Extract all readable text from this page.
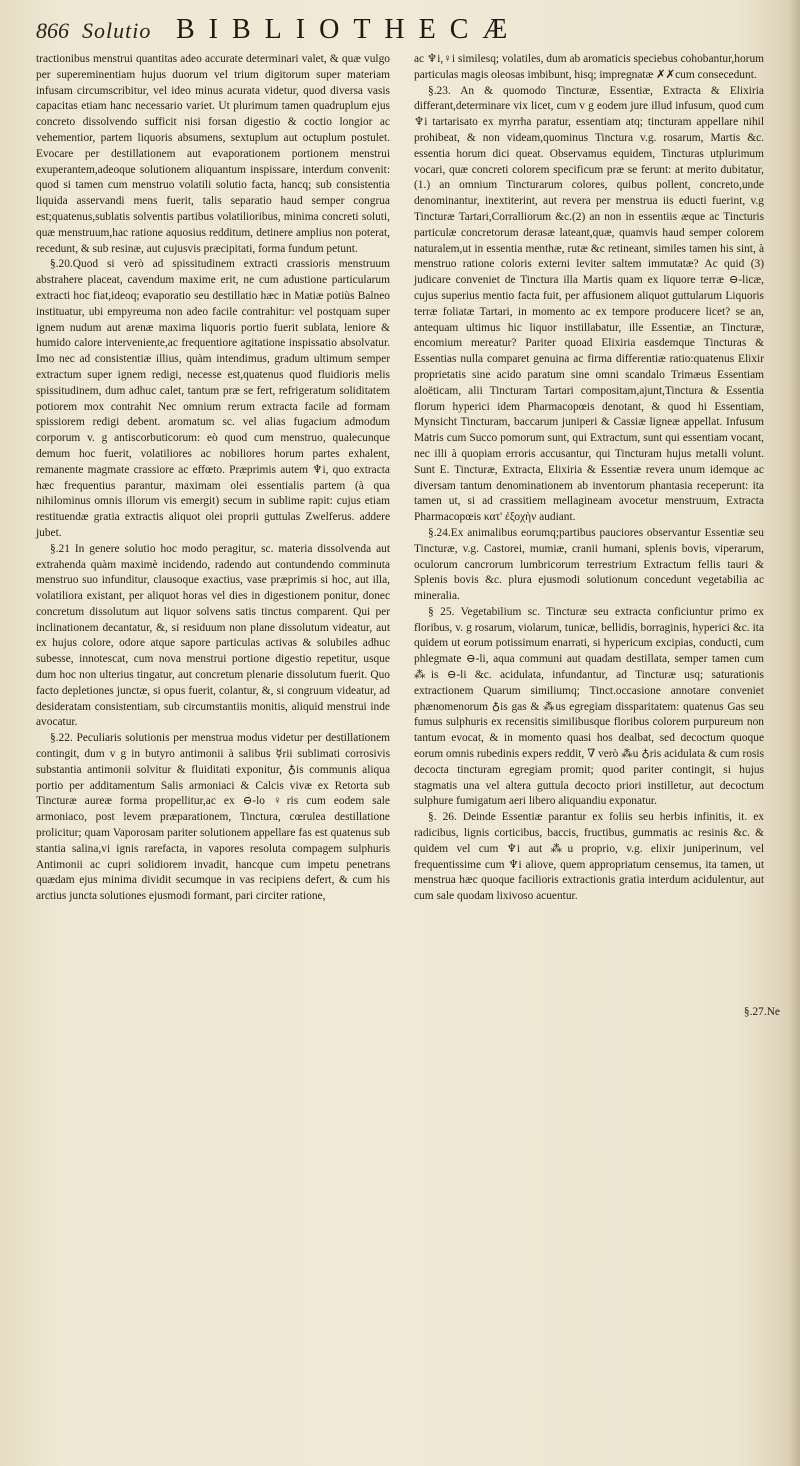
866 Solutio BIBLIOTHECÆ

tractionibus menstrui quantitas adeo accurate determinari valet, & quæ vulgo per supereminentiam hujus duorum vel trium digitorum super materiam infusam circumscribitur, vel ideo minus acurata videtur, quod diversa vasis capacitas etiam hanc necessario variet. Ut plurimum tamen quadruplum ejus concreto dissolvendo sufficit nisi forsan digestio & coctio longior ac vehementior, partem liquoris absumens, sextuplum aut octuplum postulet. Evocare per destillationem aut evaporationem portionem menstrui exuperantem,adeoque solutionem aliquantum inspissare, interdum convenit: quod si tamen cum menstruo volatili solutio facta, hancq; sub consistentia liquida asservandi mens fuerit, talis separatio haud semper congrua est;quatenus,sublatis solventis partibus volatilioribus, minima concreti soluti, quæ menstruum,hac ratione aquosius redditum, detinere amplius non poterat, recedunt, & sub resinæ, aut cujusvis præcipitati, forma fundum petunt.

§.20.Quod si verò ad spissitudinem extracti crassioris menstruum abstrahere placeat, cavendum maxime erit, ne cum adustione particularum extracti hoc fiat,ideoq; evaporatio seu destillatio hæc in Matiæ potiùs Balneo instituatur, ubi empyreuma non adeo facile contrahitur: vel postquam super ignem nudum aut arenæ maxima liquoris portio fuerit sublata, leniore & humido calore interveniente,ac frequentiore agitatione inspissatio absolvatur. Imo nec ad consistentiæ illius, quàm intendimus, gradum ultimum semper extractum super ignem redigi, necesse est,quatenus quod fluidioris melis spissitudinem, dum adhuc calet, tantum præ se fert, refrigeratum soliditatem potiorem mox contrahit Nec omnium rerum extracta facile ad formam spissiorem redigi debent. aromatum sc. vel alias fugacium admodum corporum v. g antiscorbuticorum: eò quod cum menstruo, qualecunque demum hoc fuerit, volatiliores ac nobiliores horum partes exhalent, remanente magmate crassiore ac effœto. Præprimis autem ♆i, quo extracta hæc frequentius parantur, maximam olei essentialis partem (à qua nihilominus omnis illorum vis emergit) secum in sublime rapit: cujus etiam restituendæ gratia extractis aliquot olei proprii guttulas Zwelferus. addere jubet.

§.21 In genere solutio hoc modo peragitur, sc. materia dissolvenda aut extrahenda quàm maximè incidendo, radendo aut contundendo comminuta menstruo suo infunditur, clausoque exactius, vase præprimis si hoc, aut illa, volatiliora existant, per aliquot horas vel dies in digestionem ponitur, donec concretum dissolutum aut liquor solvens satis tinctus comparent. Qui per inclinationem decantatur, &, si residuum non plane dissolutum videatur, aut ex hujus colore, odore atque sapore particulas activas & solubiles adhuc subesse, innotescat, cum nova menstrui portione digestio repetitur, usque dum hoc non ulterius tingatur, aut concretum plenarie dissolutum fuerit. Quo facto depletiones junctæ, si opus fuerit, colantur, &, si congruum videatur, ad desideratam consistentiam, sub circumstantiis monitis, aliquid menstrui inde avocatur.

§.22. Peculiaris solutionis per menstrua modus videtur per destillationem contingit, dum v g in butyro antimonii à salibus ☿rii sublimati corrosivis substantia antimonii solvitur & fluiditati exponitur, ♁is communis aliqua portio per additamentum Salis armoniaci & Calcis vivæ ex Retorta sub Tincturæ aureæ forma propellitur,ac ex ⊖-lo ♀ris cum eodem sale armoniaco, post levem præparationem, Tinctura, cœrulea destillatione prolicitur; quam Vaporosam pariter solutionem appellare fas est quatenus sub stantia salina,vi ignis rarefacta, in vapores resoluta compagem sulphuris Antimonii ac cupri solidiorem invadit, hancque cum impetu penetrans quædam ejus minima dividit secumque in vas recipiens defert, & cum his arctius juncta solutiones ejusmodi formant, pari circiter ratione,

ac ♆i,♀i similesq; volatiles, dum ab aromaticis speciebus cohobantur,horum particulas magis oleosas imbibunt, hisq; impregnatæ ✗✗cum consecedunt.

§.23. An & quomodo Tincturæ, Essentiæ, Extracta & Elixiria differant,determinare vix licet, cum v g eodem jure illud infusum, quod cum ♆i tartarisato ex myrrha paratur, essentiam atq; tincturam appellare nihil prohibeat, & non videam,quominus Tinctura v.g. rosarum, Martis &c. essentia horum dici queat. Observamus equidem, Tincturas utplurimum vocari, quæ concreti colorem specificum præ se ferunt: at merito dubitatur, (1.) an omnium Tincturarum colores, quibus pollent, concreto,unde denominantur, inextiterint, aut revera per menstrua iis educti fuerint, v.g Tincturæ Tartari,Corralliorum &c.(2) an non in essentiis æque ac Tincturis particulæ concretorum derasæ lateant,quæ, quamvis haud semper colorem naturalem,ut in essentia menthæ, rutæ &c retineant, similes tamen his sint, à menstruo ratione coloris externi leviter saltem immutatæ? Ac quid (3) judicare conveniet de Tinctura illa Martis quam ex liquore terræ ⊖-licæ, cujus superius mentio facta fuit, per affusionem aliquot guttularum Liquoris terræ foliatæ Tartari, in momento ac ex tempore producere licet? se an, antequam ultimus hic liquor instillabatur, ille Essentiæ, an Tincturæ, encomium mereatur? Pariter quoad Elixiria easdemque Tincturas & Essentias nulla comparet genuina ac firma differentiæ ratio:quatenus Elixir proprietatis sine acido paratum sine omni scandalo Trimæus Essentiam aloëticam, alii Tincturam Tartari compositam,ajunt,Tinctura & Essentia florum hyperici idem Pharmacopœis denotant, & quod hi Essentiam, Mynsicht Tincturam, baccarum juniperi & Cassiæ ligneæ appellat. Infusum Matris cum Succo pomorum sunt, qui Extractum, sunt qui essentiam vocant, nec illi à quopiam erroris accusantur, qui Tincturam hujus metalli volunt. Sunt E. Tincturæ, Extracta, Elixiria & Essentiæ revera unum idemque ac diversam tantum denominationem ab inventorum phantasia receperunt: ita tamen ut, si ad crassitiem mellagineam avocetur menstruum, Extracta Pharmacopœis κατ' ἐξοχὴν audiant.

§.24.Ex animalibus eorumq;partibus pauciores observantur Essentiæ seu Tincturæ, v.g. Castorei, mumiæ, cranii humani, splenis bovis, viperarum, oculorum cancrorum lumbricorum terrestrium Extractum fellis tauri & Splenis bovis &c. plura ejusmodi solutionum concedunt vegetabilia ac mineralia.

§ 25. Vegetabilium sc. Tincturæ seu extracta conficiuntur primo ex floribus, v. g rosarum, violarum, tunicæ, bellidis, borraginis, hyperici &c. ita quidem ut eorum potissimum enarrati, si hypericum excipias, conducti, cum phlegmate ⊖-li, aqua communi aut quadam destillata, semper tamen cum ⁂is ⊖-li &c. acidulata, infundantur, ad Tincturæ usq; saturationis extractionem Quarum similiumq; Tinct.occasione annotare conveniet phænomenorum ♁is gas & ⁂us egregiam dissparitatem: quatenus Gas seu fumus sulphuris ex recensitis similibusque floribus colorem purpureum non tantum evocat, & in momento quasi hos dealbat, sed decoctum quoque eorum omnis rubedinis expers reddit, ∇ verò ⁂u ♁ris acidulata & cum rosis decocta tincturam egregiam promit; quod pariter contingit, si hujus stagmatis una vel altera guttula decocto priori instilletur, aut decoctum sulphure fumigatum aeri libero aliquandiu exponatur.

§. 26. Deinde Essentiæ parantur ex foliis seu herbis infinitis, it. ex radicibus, lignis corticibus, baccis, fructibus, gummatis ac resinis &c. & quidem vel cum ♆i aut ⁂u proprio, v.g. elixir juniperinum, vel frequentissime cum ♆i aliove, quem appropriatum censemus, ita tamen, ut menstrua hæc quoque facilioris extractionis gratia interdum acidulentur, aut cum sale quodam lixivoso acuentur.

§.27.Ne
